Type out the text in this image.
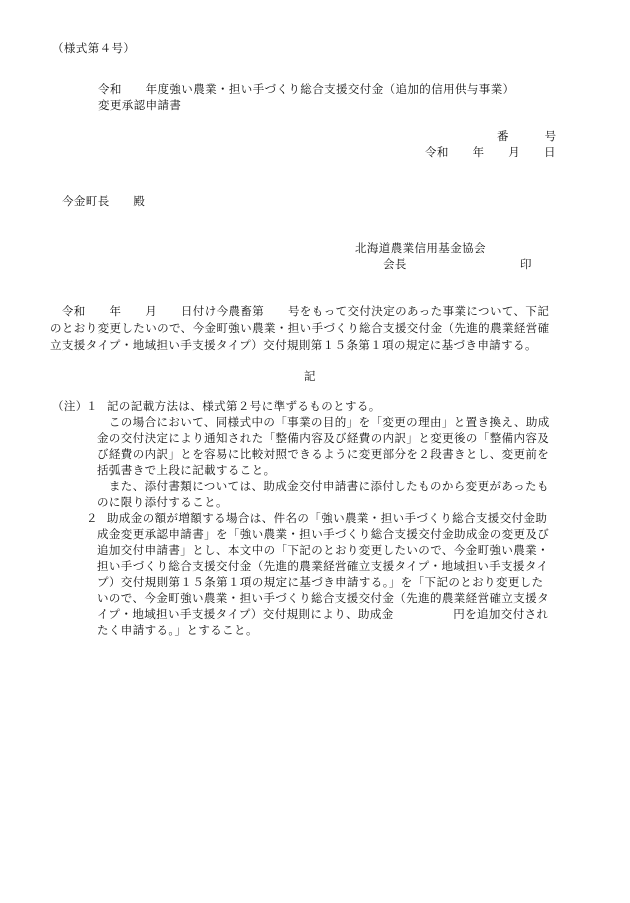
（様式第４号）
令和　　年度強い農業・担い手づくり総合支援交付金（追加的信用供与事業）
変更承認申請書
番　　　号
令和　　年　　月　　日
今金町長　　殿
北海道農業信用基金協会
会長	印
　令和　　年　　月　　日付け今農畜第　　号をもって交付決定のあった事業について、下記
のとおり変更したいので、今金町強い農業・担い手づくり総合支援交付金（先進的農業経営確
立支援タイプ・地域担い手支援タイプ）交付規則第１５条第１項の規定に基づき申請する。
記
（注）
１ 記の記載方法は、様式第２号に準ずるものとする。
　この場合において、同様式中の「事業の目的」を「変更の理由」と置き換え、助成
金の交付決定により通知された「整備内容及び経費の内訳」と変更後の「整備内容及
び経費の内訳」とを容易に比較対照できるように変更部分を２段書きとし、変更前を
括弧書きで上段に記載すること。
　また、添付書類については、助成金交付申請書に添付したものから変更があったも
のに限り添付すること。
２ 助成金の額が増額する場合は、件名の「強い農業・担い手づくり総合支援交付金助
成金変更承認申請書」を「強い農業・担い手づくり総合支援交付金助成金の変更及び
追加交付申請書」とし、本文中の「下記のとおり変更したいので、今金町強い農業・
担い手づくり総合支援交付金（先進的農業経営確立支援タイプ・地域担い手支援タイ
プ）交付規則第１５条第１項の規定に基づき申請する。」を「下記のとおり変更した
いので、今金町強い農業・担い手づくり総合支援交付金（先進的農業経営確立支援タ
イプ・地域担い手支援タイプ）交付規則により、助成金　　　　　円を追加交付され
たく申請する。」とすること。
